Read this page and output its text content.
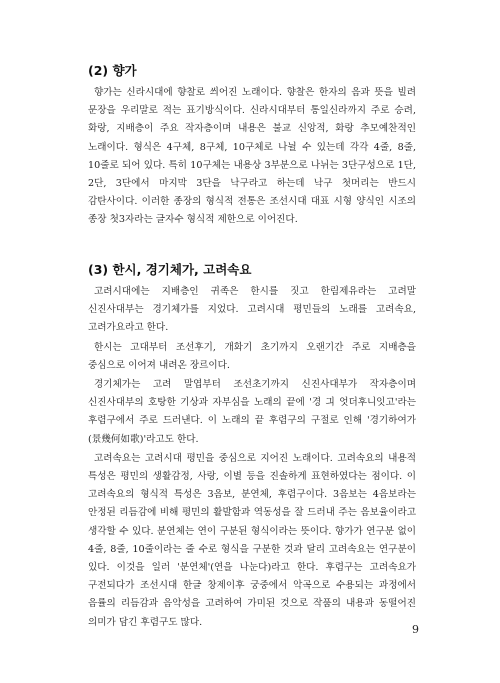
(2) 향가

향가는 신라시대에 향찰로 씌어진 노래이다. 향찰은 한자의 음과 뜻을 빌려 문장을 우리말로 적는 표기방식이다. 신라시대부터 통일신라까지 주로 승려, 화랑, 지배층이 주요 작자층이며 내용은 불교 신앙적, 화랑 추모예찬적인 노래이다. 형식은 4구체, 8구체, 10구체로 나뉠 수 있는데 각각 4줄, 8줄, 10줄로 되어 있다. 특히 10구체는 내용상 3부분으로 나뉘는 3단구성으로 1단, 2단, 3단에서 마지막 3단을 낙구라고 하는데 낙구 첫머리는 반드시 감탄사이다. 이러한 종장의 형식적 전통은 조선시대 대표 시형 양식인 시조의 종장 첫3자라는 글자수 형식적 제한으로 이어진다.

(3) 한시, 경기체가, 고려속요

고려시대에는 지배층인 귀족은 한시를 짓고 한림제유라는 고려말 신진사대부는 경기체가를 지었다. 고려시대 평민들의 노래를 고려속요, 고려가요라고 한다.

한시는 고대부터 조선후기, 개화기 초기까지 오랜기간 주로 지배층을 중심으로 이어져 내려온 장르이다.

경기체가는 고려 말엽부터 조선초기까지 신진사대부가 작자층이며 신진사대부의 호탕한 기상과 자부심을 노래의 끝에 '경 긔 엇더후니잇고'라는 후렴구에서 주로 드러낸다. 이 노래의 끝 후렴구의 구절로 인해 '경기하여가(景幾何如歌)'라고도 한다.

고려속요는 고려시대 평민을 중심으로 지어진 노래이다. 고려속요의 내용적 특성은 평민의 생활감정, 사랑, 이별 등을 진솔하게 표현하였다는 점이다. 이 고려속요의 형식적 특성은 3음보, 분연체, 후렴구이다. 3음보는 4음보라는 안정된 리듬감에 비해 평민의 활발함과 역동성을 잘 드러내 주는 음보율이라고 생각할 수 있다. 분연체는 연이 구분된 형식이라는 뜻이다. 향가가 연구분 없이 4줄, 8줄, 10줄이라는 줄 수로 형식을 구분한 것과 달리 고려속요는 연구분이 있다. 이것을 일러 '분연체'(연을 나눈다)라고 한다. 후렴구는 고려속요가 구전되다가 조선시대 한글 창제이후 궁중에서 악곡으로 수용되는 과정에서 음률의 리듬감과 음악성을 고려하여 가미된 것으로 작품의 내용과 동떨어진 의미가 담긴 후렴구도 많다.

9
